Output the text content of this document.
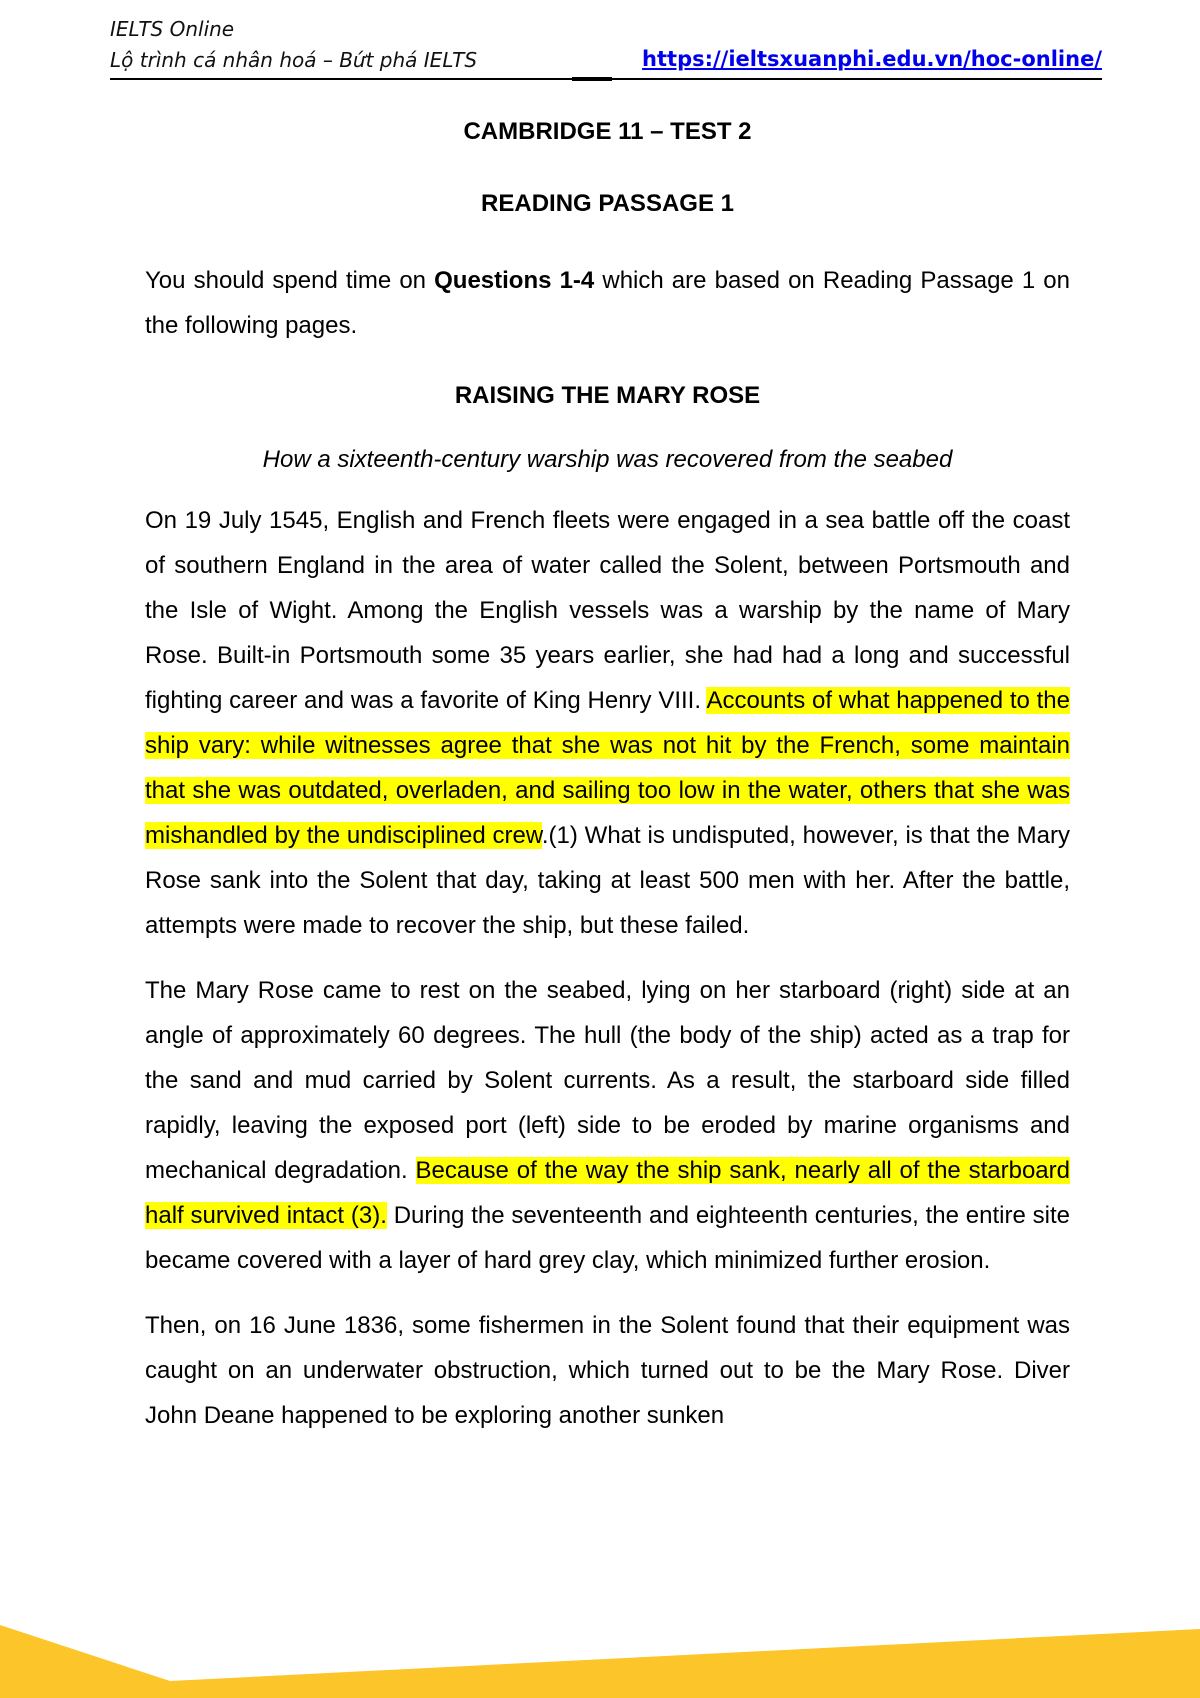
IELTS Online
Lộ trình cá nhân hoá – Bứt phá IELTS	https://ieltsxuanphi.edu.vn/hoc-online/
CAMBRIDGE 11 – TEST 2
READING PASSAGE 1

You should spend time on Questions 1-4 which are based on Reading Passage 1 on the following pages.

RAISING THE MARY ROSE
How a sixteenth-century warship was recovered from the seabed

On 19 July 1545, English and French fleets were engaged in a sea battle off the coast of southern England in the area of water called the Solent, between Portsmouth and the Isle of Wight. Among the English vessels was a warship by the name of Mary Rose. Built-in Portsmouth some 35 years earlier, she had had a long and successful fighting career and was a favorite of King Henry VIII. Accounts of what happened to the ship vary: while witnesses agree that she was not hit by the French, some maintain that she was outdated, overladen, and sailing too low in the water, others that she was mishandled by the undisciplined crew.(1) What is undisputed, however, is that the Mary Rose sank into the Solent that day, taking at least 500 men with her. After the battle, attempts were made to recover the ship, but these failed.

The Mary Rose came to rest on the seabed, lying on her starboard (right) side at an angle of approximately 60 degrees. The hull (the body of the ship) acted as a trap for the sand and mud carried by Solent currents. As a result, the starboard side filled rapidly, leaving the exposed port (left) side to be eroded by marine organisms and mechanical degradation. Because of the way the ship sank, nearly all of the starboard half survived intact (3). During the seventeenth and eighteenth centuries, the entire site became covered with a layer of hard grey clay, which minimized further erosion.

Then, on 16 June 1836, some fishermen in the Solent found that their equipment was caught on an underwater obstruction, which turned out to be the Mary Rose. Diver John Deane happened to be exploring another sunken
